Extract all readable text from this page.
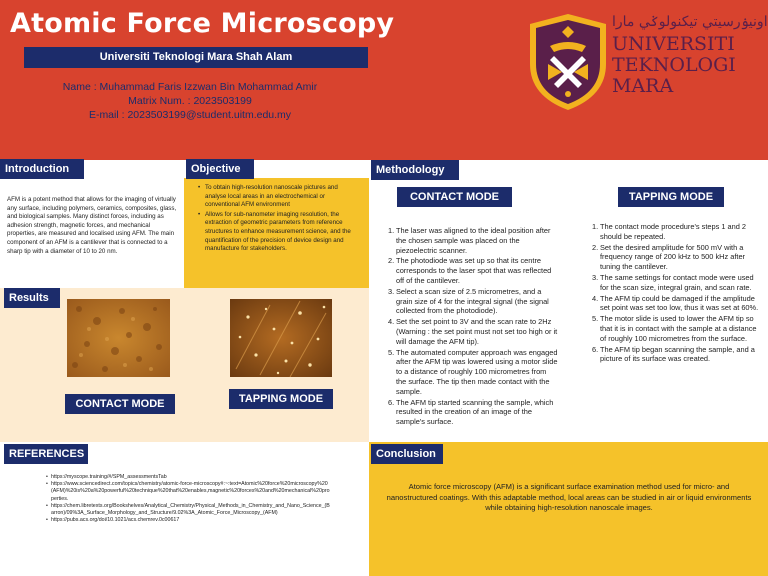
Atomic Force Microscopy
Universiti Teknologi Mara Shah Alam
Name : Muhammad Faris Izzwan Bin Mohammad Amir
Matrix Num. : 2023503199
E-mail : 2023503199@student.uitm.edu.my
اونيۏرسيتي تيكنولوݢي مارا
UNIVERSITI
TEKNOLOGI
MARA
Introduction
AFM is a potent method that allows for the imaging of virtually any surface, including polymers, ceramics, composites, glass, and biological samples. Many distinct forces, including as adhesion strength, magnetic forces, and mechanical properties, are measured and localised using AFM. The main component of an AFM is a cantilever that is connected to a sharp tip with a diameter of 10 to 20 nm.
Objective
• To obtain high-resolution nanoscale pictures and analyse local areas in an electrochemical or conventional AFM environment
• Allows for sub-nanometer imaging resolution, the extraction of geometric parameters from reference structures to enhance measurement science, and the quantification of the precision of device design and manufacture for stakeholders.
Results
CONTACT MODE	TAPPING MODE
Methodology
CONTACT MODE	TAPPING MODE
1. The laser was aligned to the ideal position after the chosen sample was placed on the piezoelectric scanner.
2. The photodiode was set up so that its centre corresponds to the laser spot that was reflected off of the cantilever.
3. Select a scan size of 2.5 micrometres, and a grain size of 4 for the integral signal (the signal collected from the photodiode).
4. Set the set point to 3V and the scan rate to 2Hz (Warning : the set point must not set too high or it will damage the AFM tip).
5. The automated computer approach was engaged after the AFM tip was lowered using a motor slide to a distance of roughly 100 micrometres from the surface. The tip then made contact with the sample.
6. The AFM tip started scanning the sample, which resulted in the creation of an image of the sample's surface.
1. The contact mode procedure's steps 1 and 2 should be repeated.
2. Set the desired amplitude for 500 mV with a frequency range of 200 kHz to 500 kHz after tuning the cantilever.
3. The same settings for contact mode were used for the scan size, integral grain, and scan rate.
4. The AFM tip could be damaged if the amplitude set point was set too low, thus it was set at 60%.
5. The motor slide is used to lower the AFM tip so that it is in contact with the sample at a distance of roughly 100 micrometres from the surface.
6. The AFM tip began scanning the sample, and a picture of its surface was created.
REFERENCES
• https://myscope.training/#/SPM_assessmentsTab
• https://www.sciencedirect.com/topics/chemistry/atomic-force-microscopy#:~:text=Atomic%20force%20microscopy%20(AFM)%20is%20a%20powerful%20technique%20that%20enables,magnetic%20forces%20and%20mechanical%20properties.
• https://chem.libretexts.org/Bookshelves/Analytical_Chemistry/Physical_Methods_in_Chemistry_and_Nano_Science_(Barron)/09%3A_Surface_Morphology_and_Structure/9.02%3A_Atomic_Force_Microscopy_(AFM)
• https://pubs.acs.org/doi/10.1021/acs.chemrev.0c00617
Conclusion
Atomic force microscopy (AFM) is a significant surface examination method used for micro- and nanostructured coatings. With this adaptable method, local areas can be studied in air or liquid environments while obtaining high-resolution nanoscale images.
